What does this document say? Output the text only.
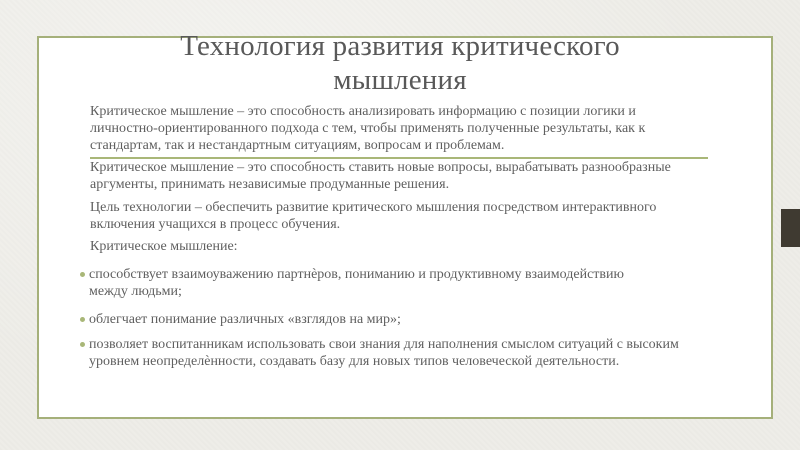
Технология развития критического мышления

Критическое мышление – это способность анализировать информацию с позиции логики и личностно-ориентированного подхода с тем, чтобы применять полученные результаты, как к стандартам, так и нестандартным ситуациям, вопросам и проблемам.

Критическое мышление – это способность ставить новые вопросы, вырабатывать разнообразные аргументы, принимать независимые продуманные решения.

Цель технологии – обеспечить развитие критического мышления посредством интерактивного включения учащихся в процесс обучения.

Критическое мышление:

способствует взаимоуважению партнѐров, пониманию и продуктивному взаимодействию между людьми;
облегчает понимание различных «взглядов на мир»;
позволяет воспитанникам использовать свои знания для наполнения смыслом ситуаций с высоким уровнем неопределѐнности, создавать базу для новых типов человеческой деятельности.
